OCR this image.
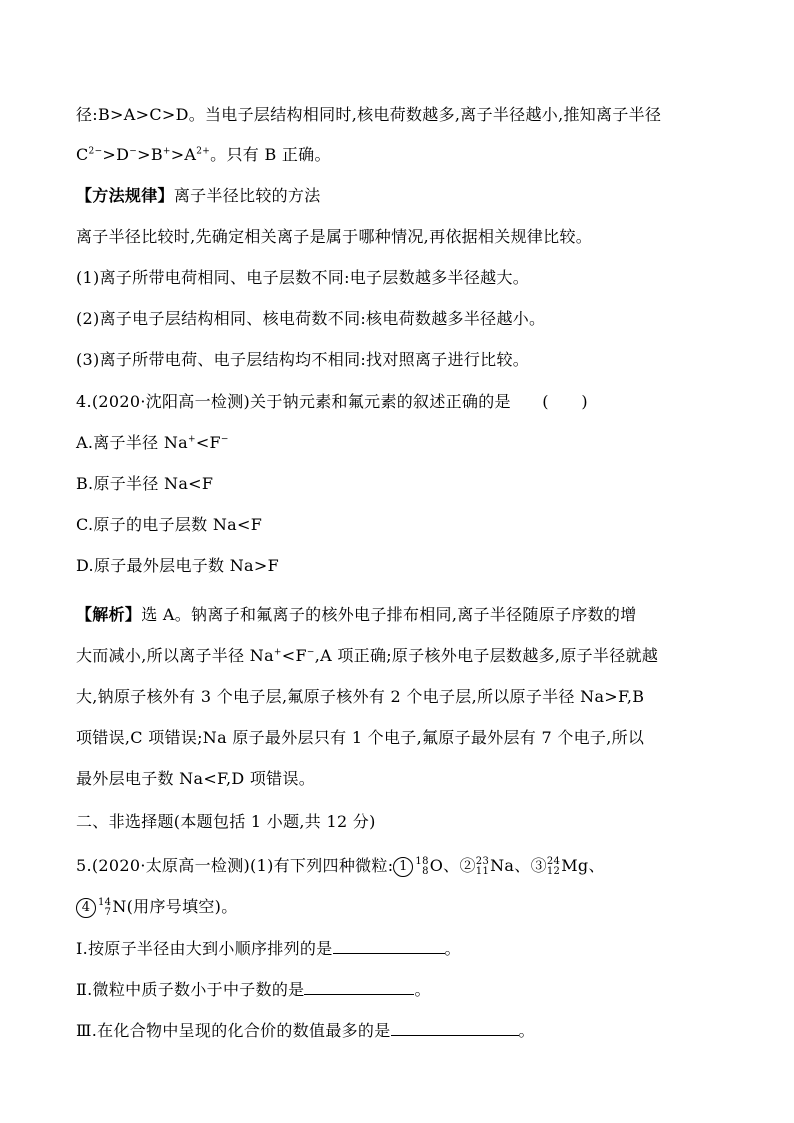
径:B>A>C>D。当电子层结构相同时,核电荷数越多,离子半径越小,推知离子半径
$C^{2-}>D^->B^+>A^{2+}$。只有 B 正确。
【方法规律】离子半径比较的方法
离子半径比较时,先确定相关离子是属于哪种情况,再依据相关规律比较。
(1)离子所带电荷相同、电子层数不同:电子层数越多半径越大。
(2)离子电子层结构相同、核电荷数不同:核电荷数越多半径越小。
(3)离子所带电荷、电子层结构均不相同:找对照离子进行比较。
4.(2020·沈阳高一检测)关于钠元素和氟元素的叙述正确的是 (　　)
A.离子半径 Na+<F−
B.原子半径 Na<F
C.原子的电子层数 Na<F
D.原子最外层电子数 Na>F
【解析】选 A。钠离子和氟离子的核外电子排布相同,离子半径随原子序数的增
大而减小,所以离子半径 Na+<F−,A 项正确;原子核外电子层数越多,原子半径就越
大,钠原子核外有 3 个电子层,氟原子核外有 2 个电子层,所以原子半径 Na>F,B
项错误,C 项错误;Na 原子最外层只有 1 个电子,氟原子最外层有 7 个电子,所以
最外层电子数 Na<F,D 项错误。
二、非选择题(本题包括 1 小题,共 12 分)
5.(2020·太原高一检测)(1)有下列四种微粒: 1 18
8 O、② 23
11 Na、③ 24
12 Mg、
4 14
7 N(用序号填空)。
Ⅰ.按原子半径由大到小顺序排列的是	。
Ⅱ.微粒中质子数小于中子数的是	。
Ⅲ.在化合物中呈现的化合价的数值最多的是	。
